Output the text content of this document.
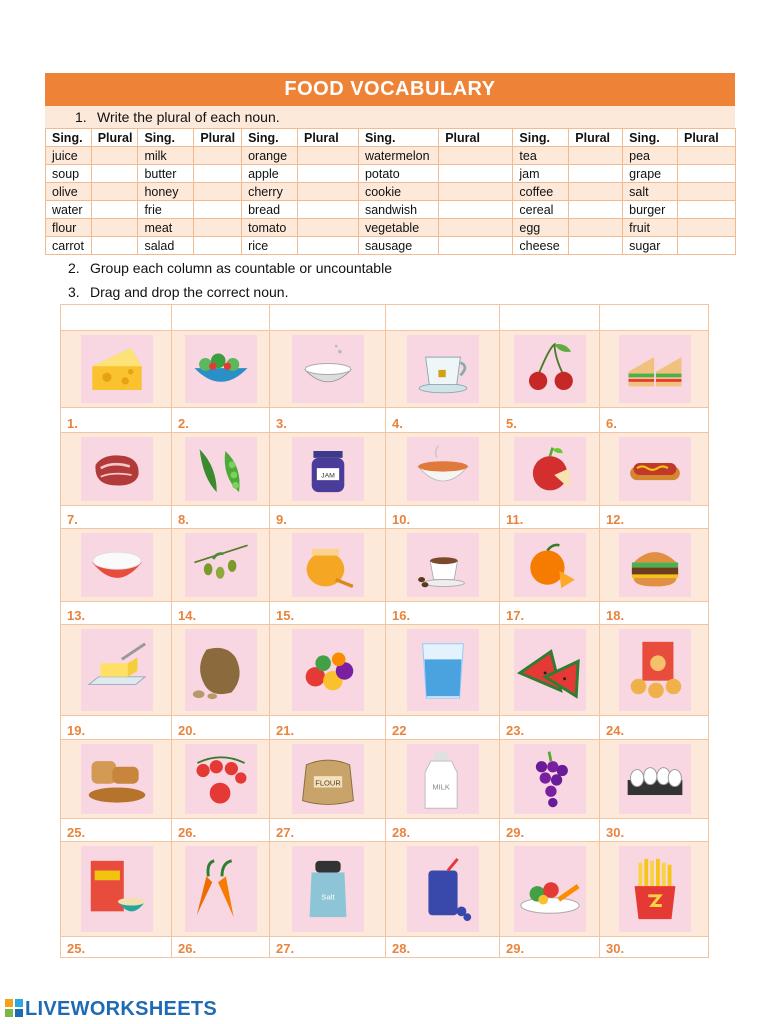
FOOD VOCABULARY
1. Write the plural of each noun.
Sing.	Plural	Sing.	Plural	Sing.	Plural	Sing.	Plural	Sing.	Plural	Sing.	Plural
juice		milk		orange		watermelon		tea		pea	
soup		butter		apple		potato		jam		grape	
olive		honey		cherry		cookie		coffee		salt	
water		frie		bread		sandwish		cereal		burger	
flour		meat		tomato		vegetable		egg		fruit	
carrot		salad		rice		sausage		cheese		sugar	
2. Group each column as countable or uncountable
3. Drag and drop the correct noun.
1.	2.	3.	4.	5.	6.
7.	8.
JAM
9.	10.	11.	12.
13.	14.	15.	16.	17.	18.
19.	20.	21.	22	23.	24.
25.	26.
FLOUR
27.
MILK
28.	29.	30.
25.	26.
Salt
27.	28.	29.	30.
LIVEWORKSHEETS
